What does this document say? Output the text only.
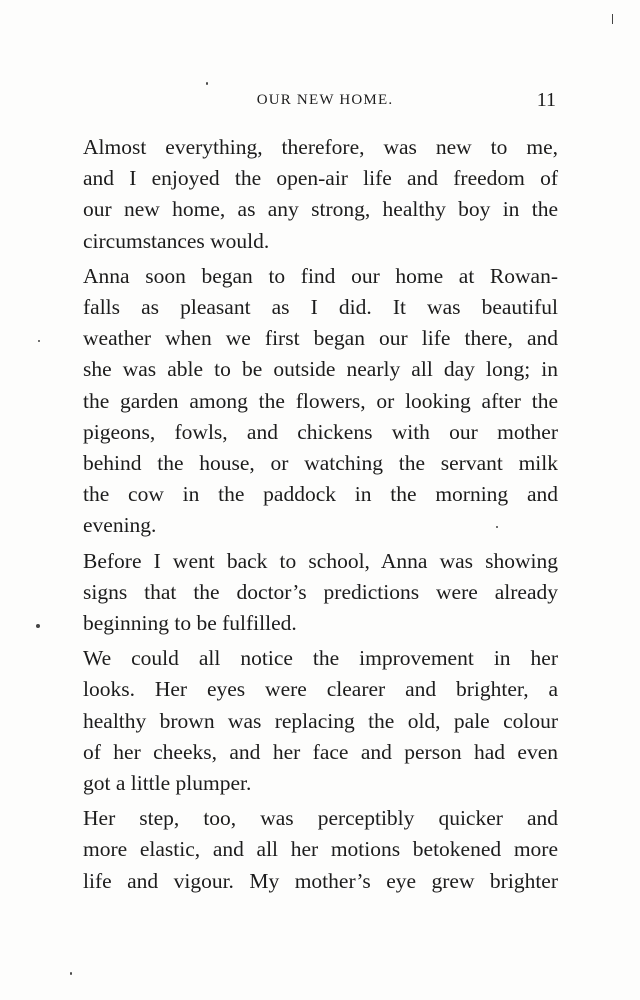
OUR NEW HOME.	11

Almost everything, therefore, was new to me,
and I enjoyed the open-air life and freedom of
our new home, as any strong, healthy boy in the
circumstances would.

Anna soon began to find our home at Rowan-
falls as pleasant as I did. It was beautiful
weather when we first began our life there, and
she was able to be outside nearly all day long; in
the garden among the flowers, or looking after the
pigeons, fowls, and chickens with our mother
behind the house, or watching the servant milk
the cow in the paddock in the morning and
evening.

Before I went back to school, Anna was showing
signs that the doctor’s predictions were already
beginning to be fulfilled.

We could all notice the improvement in her
looks. Her eyes were clearer and brighter, a
healthy brown was replacing the old, pale colour
of her cheeks, and her face and person had even
got a little plumper.

Her step, too, was perceptibly quicker and
more elastic, and all her motions betokened more
life and vigour. My mother’s eye grew brighter
